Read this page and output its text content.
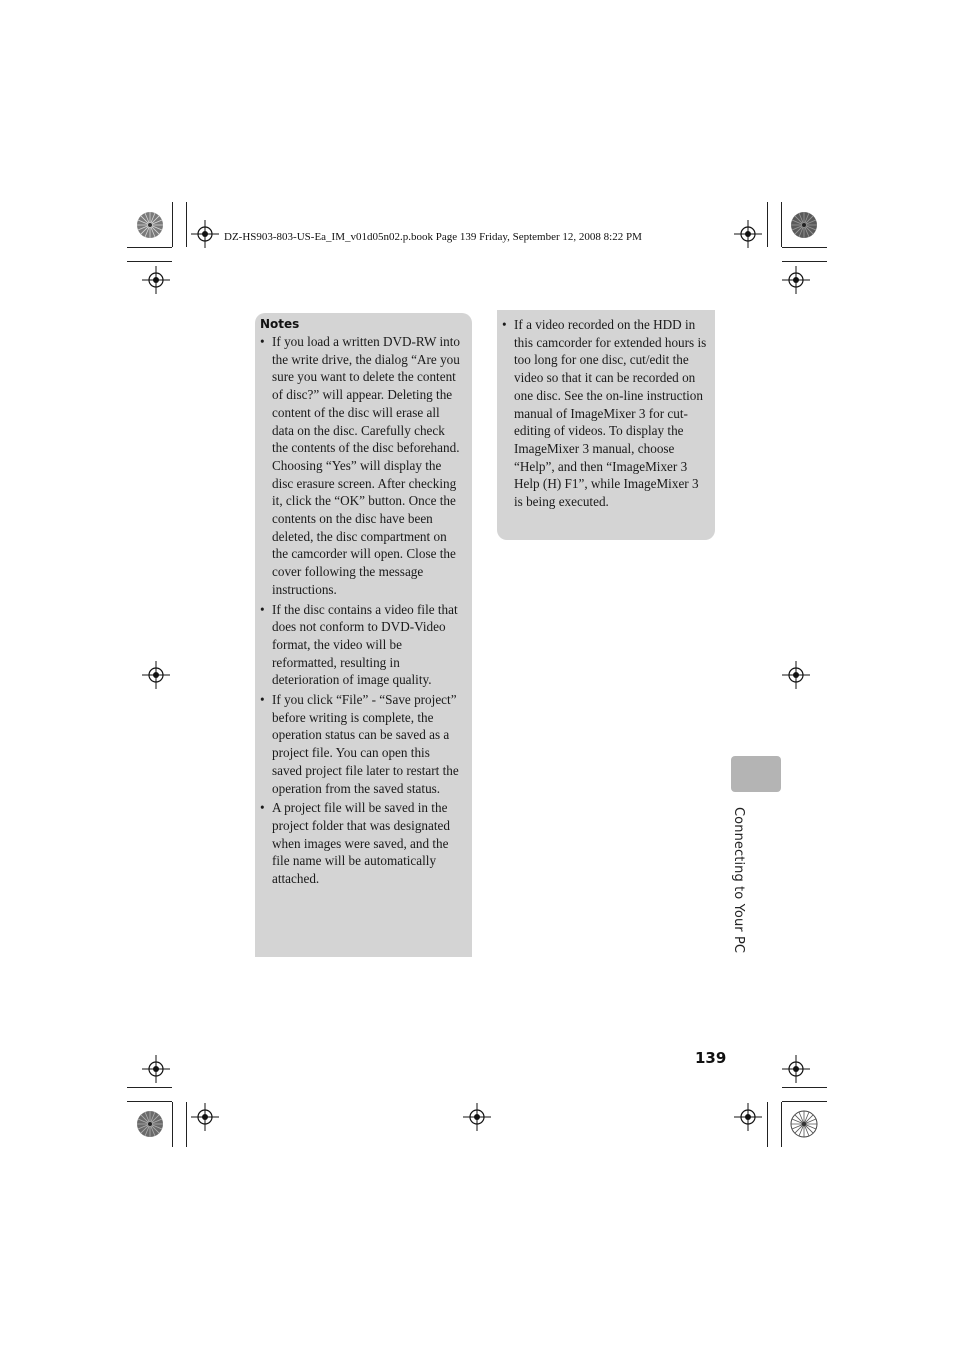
DZ-HS903-803-US-Ea_IM_v01d05n02.p.book Page 139 Friday, September 12, 2008 8:22 PM
Notes
• If you load a written DVD-RW into the write drive, the dialog “Are you sure you want to delete the content of disc?” will appear. Deleting the content of the disc will erase all data on the disc. Carefully check the contents of the disc beforehand. Choosing “Yes” will display the disc erasure screen. After checking it, click the “OK” button. Once the contents on the disc have been deleted, the disc compartment on the camcorder will open. Close the cover following the message instructions.
• If the disc contains a video file that does not conform to DVD-Video format, the video will be reformatted, resulting in deterioration of image quality.
• If you click “File” - “Save project” before writing is complete, the operation status can be saved as a project file. You can open this saved project file later to restart the operation from the saved status.
• A project file will be saved in the project folder that was designated when images were saved, and the file name will be automatically attached.
• If a video recorded on the HDD in this camcorder for extended hours is too long for one disc, cut/edit the video so that it can be recorded on one disc. See the on-line instruction manual of ImageMixer 3 for cut-editing of videos. To display the ImageMixer 3 manual, choose “Help”, and then “ImageMixer 3 Help (H) F1”, while ImageMixer 3 is being executed.
Connecting to Your PC
139
